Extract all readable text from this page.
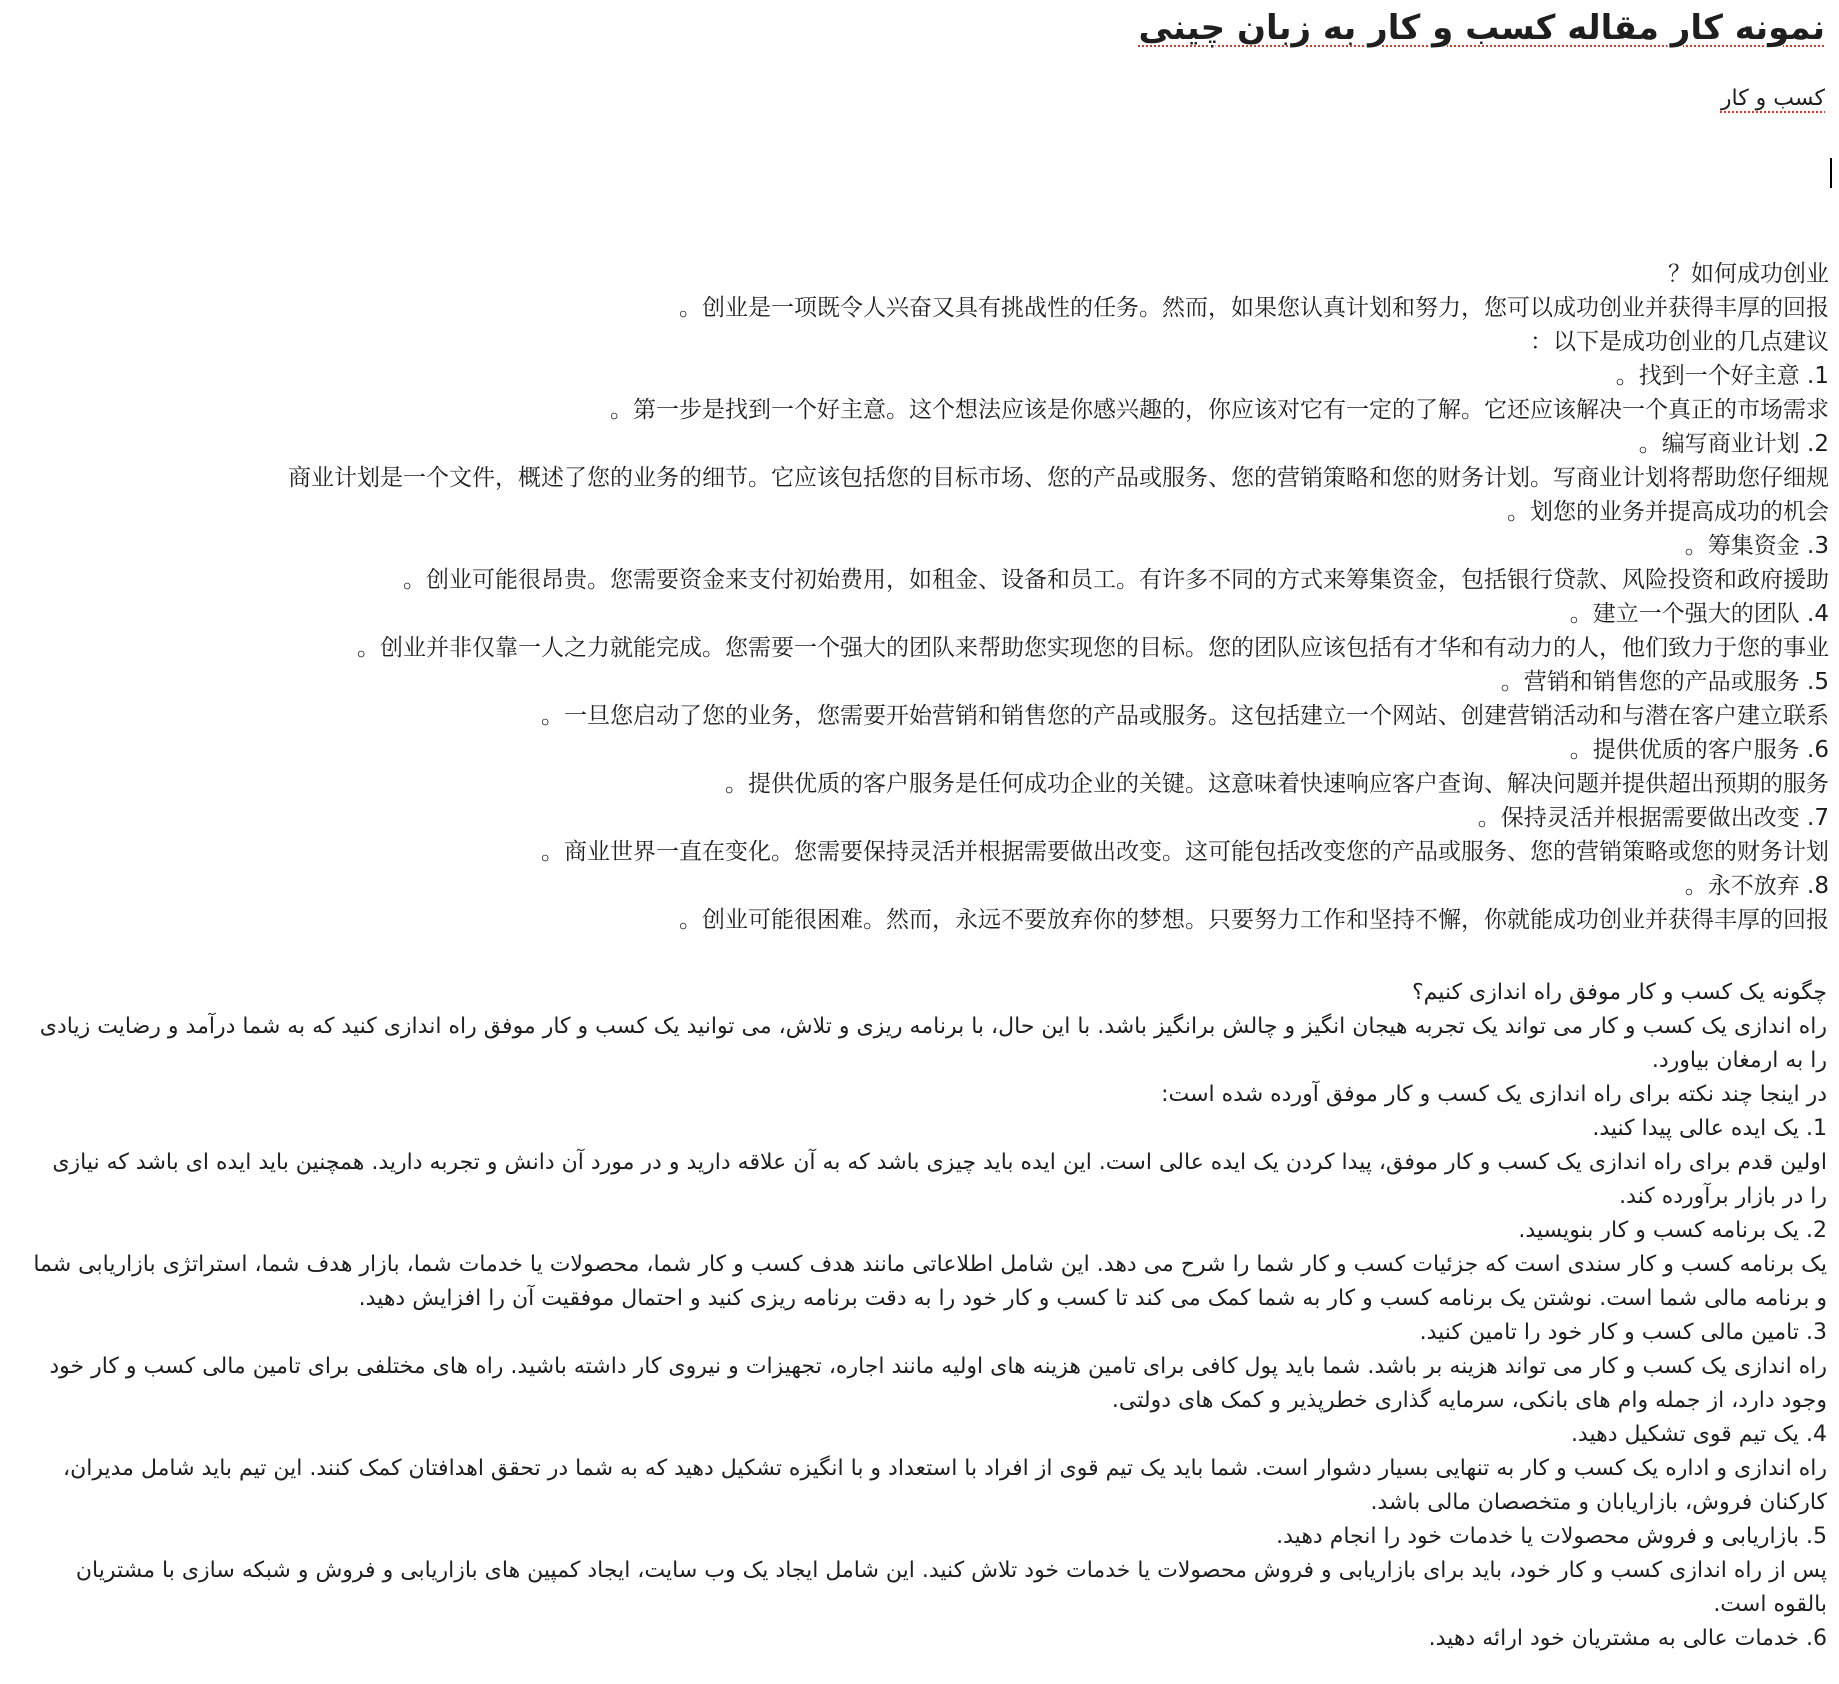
نمونه کار مقاله کسب و کار به زبان چینی

کسب و کار

如何成功创业？
创业是一项既令人兴奋又具有挑战性的任务。然而，如果您认真计划和努力，您可以成功创业并获得丰厚的回报。
以下是成功创业的几点建议：
1. 找到一个好主意。
第一步是找到一个好主意。这个想法应该是你感兴趣的，你应该对它有一定的了解。它还应该解决一个真正的市场需求。
2. 编写商业计划。
商业计划是一个文件，概述了您的业务的细节。它应该包括您的目标市场、您的产品或服务、您的营销策略和您的财务计划。写商业计划将帮助您仔细规
划您的业务并提高成功的机会。
3. 筹集资金。
创业可能很昂贵。您需要资金来支付初始费用，如租金、设备和员工。有许多不同的方式来筹集资金，包括银行贷款、风险投资和政府援助。
4. 建立一个强大的团队。
创业并非仅靠一人之力就能完成。您需要一个强大的团队来帮助您实现您的目标。您的团队应该包括有才华和有动力的人，他们致力于您的事业。
5. 营销和销售您的产品或服务。
一旦您启动了您的业务，您需要开始营销和销售您的产品或服务。这包括建立一个网站、创建营销活动和与潜在客户建立联系。
6. 提供优质的客户服务。
提供优质的客户服务是任何成功企业的关键。这意味着快速响应客户查询、解决问题并提供超出预期的服务。
7. 保持灵活并根据需要做出改变。
商业世界一直在变化。您需要保持灵活并根据需要做出改变。这可能包括改变您的产品或服务、您的营销策略或您的财务计划。
8. 永不放弃。
创业可能很困难。然而，永远不要放弃你的梦想。只要努力工作和坚持不懈，你就能成功创业并获得丰厚的回报。

چگونه یک کسب و کار موفق راه اندازی کنیم؟

راه اندازی یک کسب و کار می تواند یک تجربه هیجان انگیز و چالش برانگیز باشد. با این حال، با برنامه ریزی و تلاش، می توانید یک کسب و کار موفق راه اندازی کنید که به شما درآمد و رضایت زیادی را به ارمغان بیاورد.

در اینجا چند نکته برای راه اندازی یک کسب و کار موفق آورده شده است:

1. یک ایده عالی پیدا کنید.

اولین قدم برای راه اندازی یک کسب و کار موفق، پیدا کردن یک ایده عالی است. این ایده باید چیزی باشد که به آن علاقه دارید و در مورد آن دانش و تجربه دارید. همچنین باید ایده ای باشد که نیازی را در بازار برآورده کند.

2. یک برنامه کسب و کار بنویسید.

یک برنامه کسب و کار سندی است که جزئیات کسب و کار شما را شرح می دهد. این شامل اطلاعاتی مانند هدف کسب و کار شما، محصولات یا خدمات شما، بازار هدف شما، استراتژی بازاریابی شما و برنامه مالی شما است. نوشتن یک برنامه کسب و کار به شما کمک می کند تا کسب و کار خود را به دقت برنامه ریزی کنید و احتمال موفقیت آن را افزایش دهید.

3. تامین مالی کسب و کار خود را تامین کنید.

راه اندازی یک کسب و کار می تواند هزینه بر باشد. شما باید پول کافی برای تامین هزینه های اولیه مانند اجاره، تجهیزات و نیروی کار داشته باشید. راه های مختلفی برای تامین مالی کسب و کار خود وجود دارد، از جمله وام های بانکی، سرمایه گذاری خطرپذیر و کمک های دولتی.

4. یک تیم قوی تشکیل دهید.

راه اندازی و اداره یک کسب و کار به تنهایی بسیار دشوار است. شما باید یک تیم قوی از افراد با استعداد و با انگیزه تشکیل دهید که به شما در تحقق اهدافتان کمک کنند. این تیم باید شامل مدیران، کارکنان فروش، بازاریابان و متخصصان مالی باشد.

5. بازاریابی و فروش محصولات یا خدمات خود را انجام دهید.

پس از راه اندازی کسب و کار خود، باید برای بازاریابی و فروش محصولات یا خدمات خود تلاش کنید. این شامل ایجاد یک وب سایت، ایجاد کمپین های بازاریابی و فروش و شبکه سازی با مشتریان بالقوه است.

6. خدمات عالی به مشتریان خود ارائه دهید.
